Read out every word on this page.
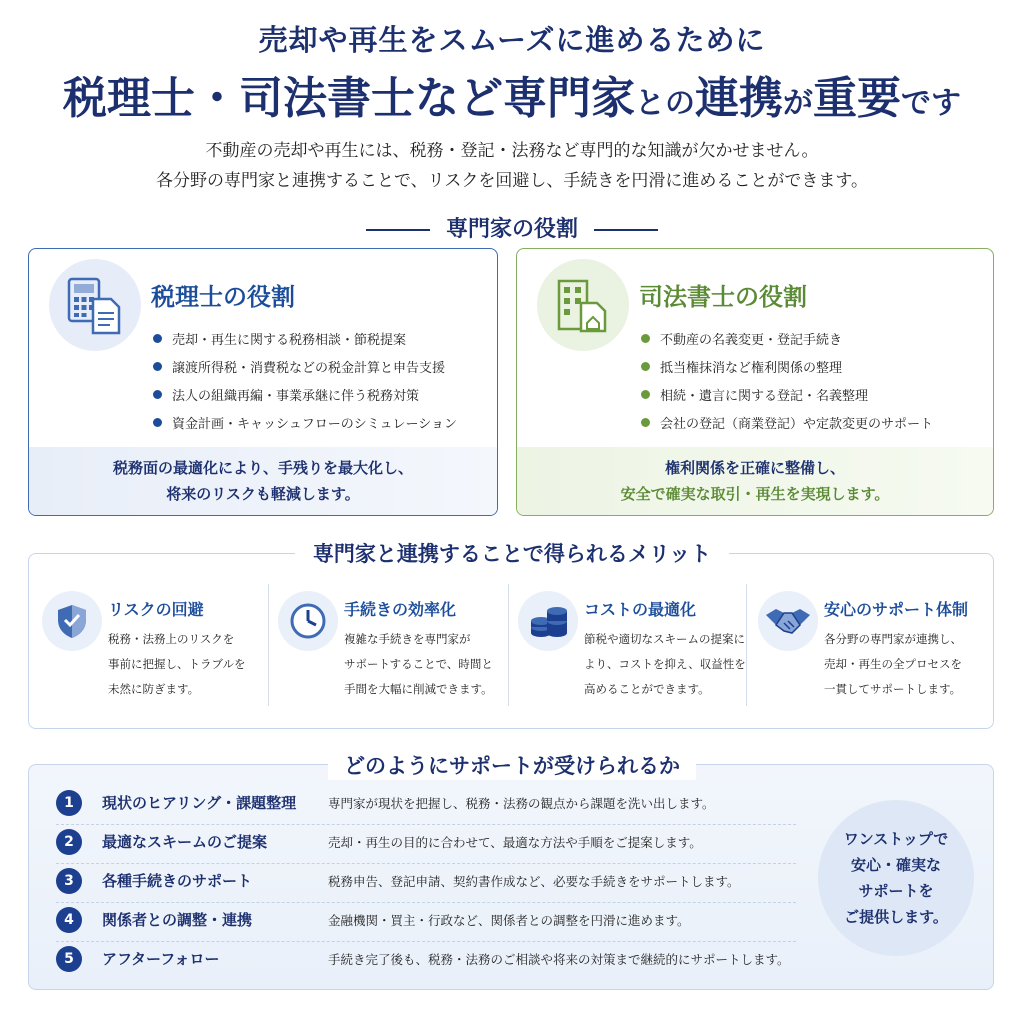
売却や再生をスムーズに進めるために
税理士・司法書士など専門家との連携が重要です
不動産の売却や再生には、税務・登記・法務など専門的な知識が欠かせません。
各分野の専門家と連携することで、リスクを回避し、手続きを円滑に進めることができます。
専門家の役割
税理士の役割
売却・再生に関する税務相談・節税提案
譲渡所得税・消費税などの税金計算と申告支援
法人の組織再編・事業承継に伴う税務対策
資金計画・キャッシュフローのシミュレーション
税務面の最適化により、手残りを最大化し、
将来のリスクも軽減します。
司法書士の役割
不動産の名義変更・登記手続き
抵当権抹消など権利関係の整理
相続・遺言に関する登記・名義整理
会社の登記（商業登記）や定款変更のサポート
権利関係を正確に整備し、
安全で確実な取引・再生を実現します。
専門家と連携することで得られるメリット
リスクの回避
税務・法務上のリスクを
事前に把握し、トラブルを
未然に防ぎます。
手続きの効率化
複雑な手続きを専門家が
サポートすることで、時間と
手間を大幅に削減できます。
コストの最適化
節税や適切なスキームの提案に
より、コストを抑え、収益性を
高めることができます。
安心のサポート体制
各分野の専門家が連携し、
売却・再生の全プロセスを
一貫してサポートします。
どのようにサポートが受けられるか
1	現状のヒアリング・課題整理	専門家が現状を把握し、税務・法務の観点から課題を洗い出します。
2	最適なスキームのご提案	売却・再生の目的に合わせて、最適な方法や手順をご提案します。
3	各種手続きのサポート	税務申告、登記申請、契約書作成など、必要な手続きをサポートします。
4	関係者との調整・連携	金融機関・買主・行政など、関係者との調整を円滑に進めます。
5	アフターフォロー	手続き完了後も、税務・法務のご相談や将来の対策まで継続的にサポートします。
ワンストップで
安心・確実な
サポートを
ご提供します。
